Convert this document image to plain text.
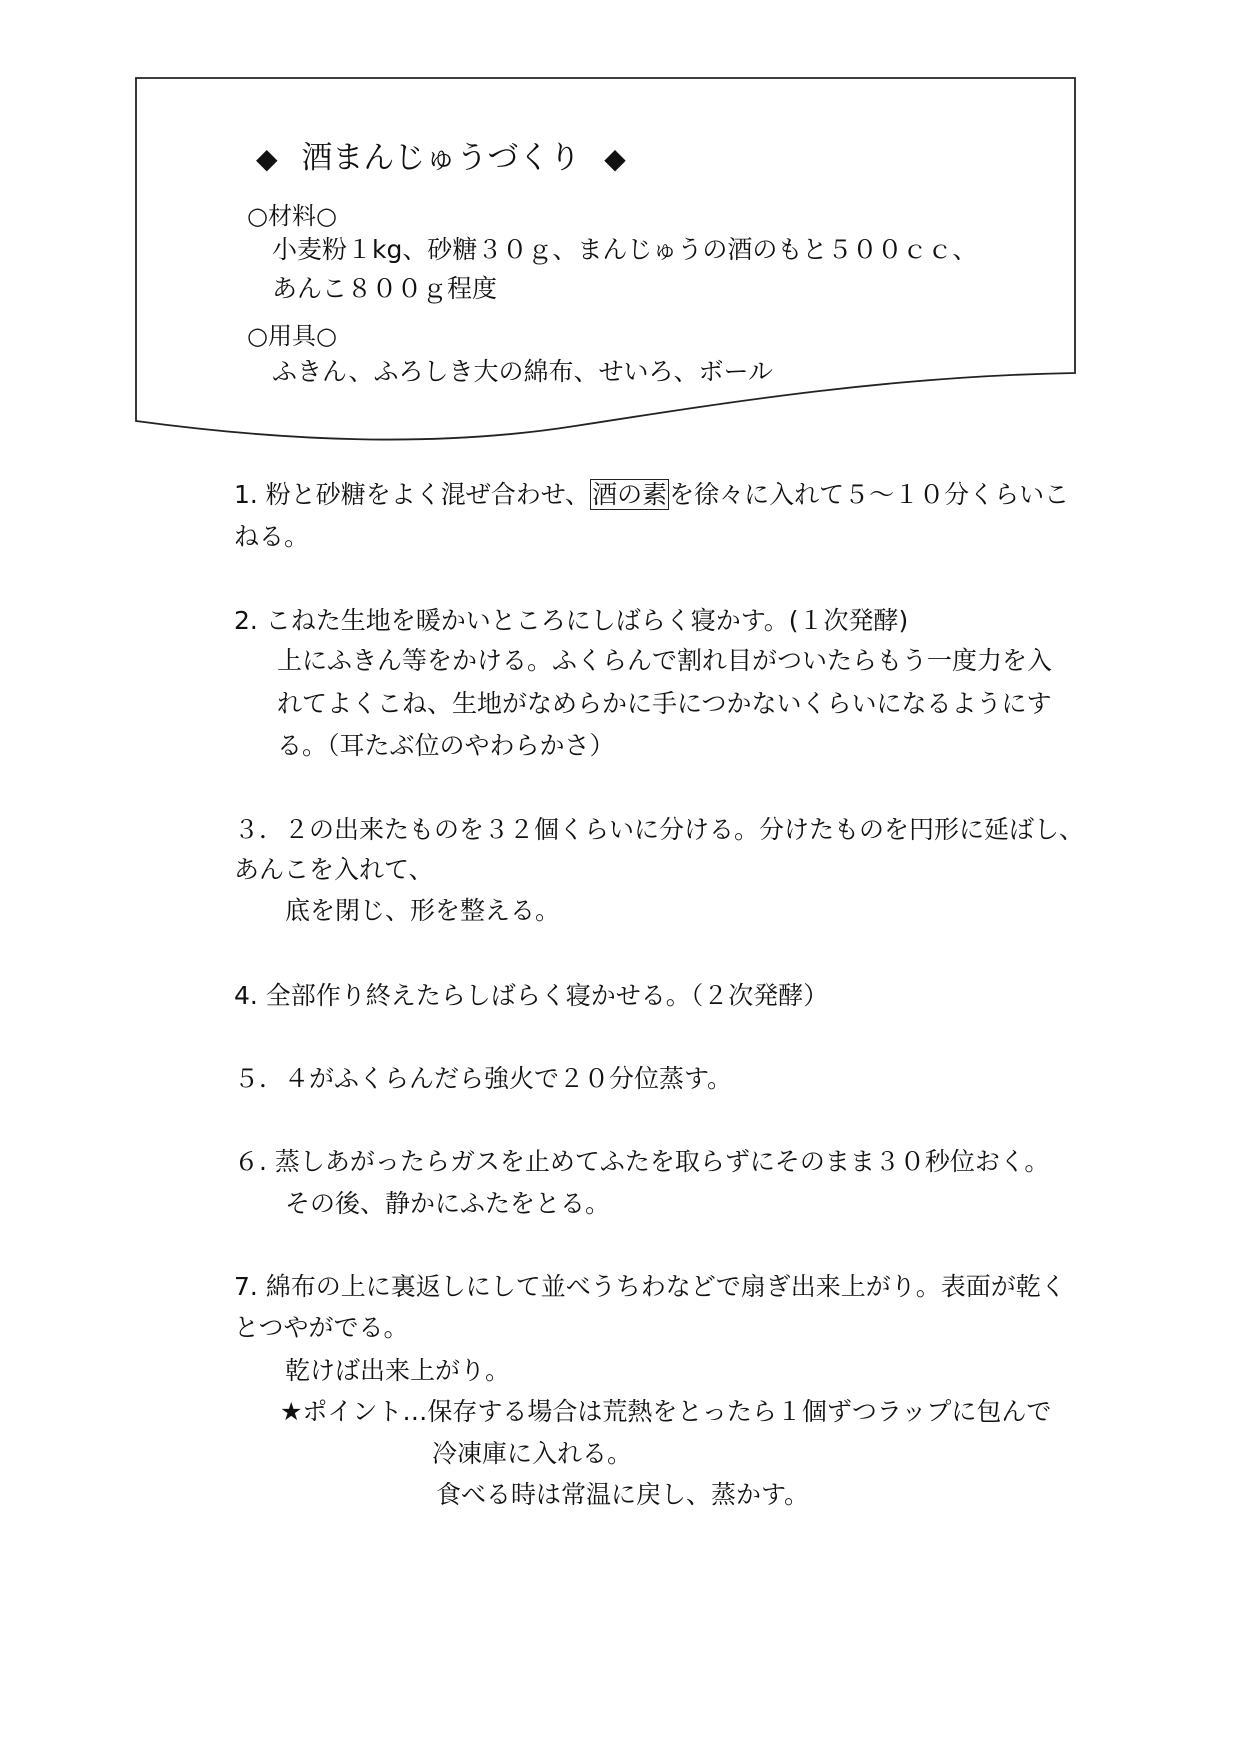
◆ 酒まんじゅうづくり ◆
○材料○
小麦粉１kg、砂糖３０ｇ、まんじゅうの酒のもと５００ｃｃ、
あんこ８００ｇ程度
○用具○
ふきん、ふろしき大の綿布、せいろ、ボール
1. 粉と砂糖をよく混ぜ合わせ、酒の素を徐々に入れて５～１０分くらいこ
ねる。
2. こねた生地を暖かいところにしばらく寝かす。(１次発酵)
上にふきん等をかける。ふくらんで割れ目がついたらもう一度力を入
れてよくこね、生地がなめらかに手につかないくらいになるようにす
る。（耳たぶ位のやわらかさ）
３．２の出来たものを３２個くらいに分ける。分けたものを円形に延ばし、
あんこを入れて、
底を閉じ、形を整える。
4. 全部作り終えたらしばらく寝かせる。（２次発酵）
５．４がふくらんだら強火で２０分位蒸す。
６. 蒸しあがったらガスを止めてふたを取らずにそのまま３０秒位おく。
その後、静かにふたをとる。
7. 綿布の上に裏返しにして並べうちわなどで扇ぎ出来上がり。表面が乾く
とつやがでる。
乾けば出来上がり。
★ポイント…保存する場合は荒熱をとったら１個ずつラップに包んで
冷凍庫に入れる。
食べる時は常温に戻し、蒸かす。
